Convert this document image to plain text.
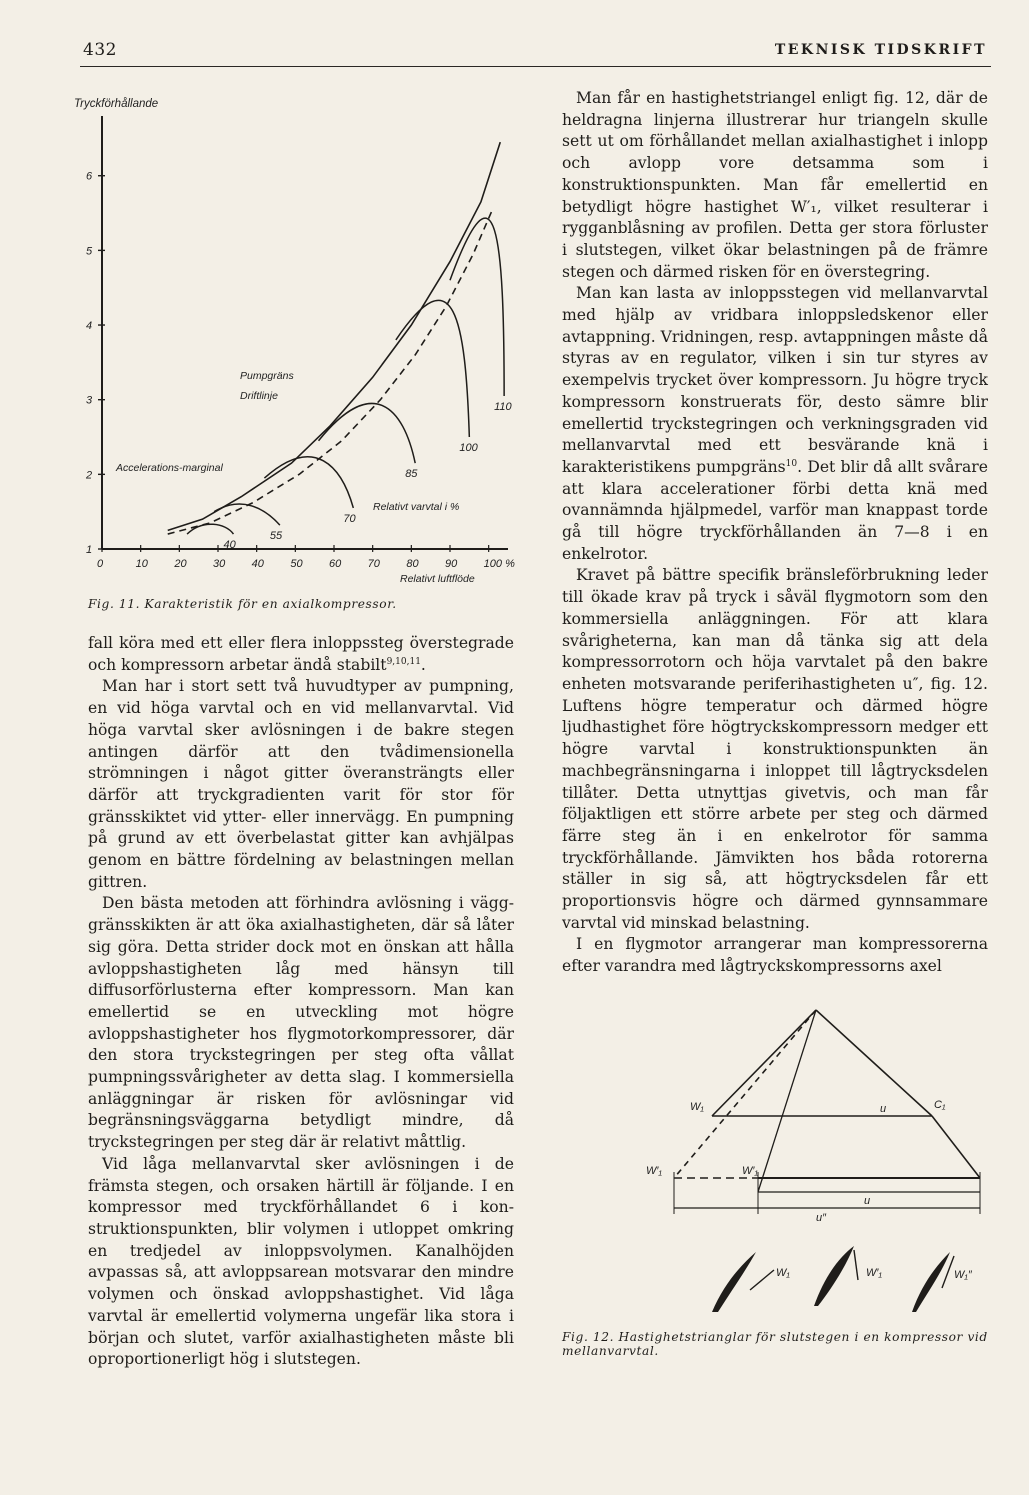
432	TEKNISK TIDSKRIFT
Tryckförhållande
1
2
3
4
5
6
0	10 20 30 40 50 60 70 80 90 100 %
40
55
70
85
100
110
Pumpgräns
Driftlinje
Accelerations-marginal
Relativt varvtal i %
Relativt luftflöde

Fig. 11. Karakteristik för en axialkompressor.

fall köra med ett eller flera inloppssteg överstegrade och kompressorn arbetar ändå stabilt$^{9,10,11}$.

Man har i stort sett två huvudtyper av pumpning, en vid höga varvtal och en vid mellanvarvtal. Vid höga varvtal sker avlösningen i de bakre stegen antingen därför att den tvådimensionella strömningen i något gitter överansträngts eller därför att tryckgradienten varit för stor för gränsskiktet vid ytter- eller innervägg. En pumpning på grund av ett överbelastat gitter kan avhjälpas genom en bättre fördelning av belastningen mellan gittren.

Den bästa metoden att förhindra avlösning i vägg-gränsskikten är att öka axialhastigheten, där så låter sig göra. Detta strider dock mot en önskan att hålla avloppshastigheten låg med hänsyn till diffusorförlusterna efter kompressorn. Man kan emellertid se en utveckling mot högre avloppshastigheter hos flygmotorkompressorer, där den stora tryckstegringen per steg ofta vållat pumpningssvårigheter av detta slag. I kommersiella anläggningar är risken för avlösningar vid begränsningsväggarna betydligt mindre, då tryckstegringen per steg där är relativt måttlig.

Vid låga mellanvarvtal sker avlösningen i de främsta stegen, och orsaken härtill är följande. I en kompressor med tryckförhållandet 6 i konstruktionspunkten, blir volymen i utloppet omkring en tredjedel av inloppsvolymen. Kanalhöjden avpassas så, att avloppsarean motsvarar den mindre volymen och önskad avloppshastighet. Vid låga varvtal är emellertid volymerna ungefär lika stora i början och slutet, varför axialhastigheten måste bli oproportionerligt hög i slutstegen.

Man får en hastighetstriangel enligt fig. 12, där de heldragna linjerna illustrerar hur triangeln skulle sett ut om förhållandet mellan axialhastighet i inlopp och avlopp vore detsamma som i konstruktionspunkten. Man får emellertid en betydligt högre hastighet W′₁, vilket resulterar i rygganblåsning av profilen. Detta ger stora förluster i slutstegen, vilket ökar belastningen på de främre stegen och därmed risken för en överstegring.

Man kan lasta av inloppsstegen vid mellanvarvtal med hjälp av vridbara inloppsledskenor eller avtappning. Vridningen, resp. avtappningen måste då styras av en regulator, vilken i sin tur styres av exempelvis trycket över kompressorn. Ju högre tryck kompressorn konstruerats för, desto sämre blir emellertid tryckstegringen och verkningsgraden vid mellanvarvtal med ett besvärande knä i karakteristikens pumpgräns$^{10}$. Det blir då allt svårare att klara accelerationer förbi detta knä med ovannämnda hjälpmedel, varför man knappast torde gå till högre tryckförhållanden än 7—8 i en enkelrotor.

Kravet på bättre specifik bränsleförbrukning leder till ökade krav på tryck i såväl flygmotorn som den kommersiella anläggningen. För att klara svårigheterna, kan man då tänka sig att dela kompressorrotorn och höja varvtalet på den bakre enheten motsvarande periferihastigheten u″, fig. 12. Luftens högre temperatur och därmed högre ljudhastighet före högtryckskompressorn medger ett högre varvtal i konstruktionspunkten än machbegränsningarna i inloppet till lågtrycksdelen tillåter. Detta utnyttjas givetvis, och man får följaktligen ett större arbete per steg och därmed färre steg än i en enkelrotor för samma tryckförhållande. Jämvikten hos båda rotorerna ställer in sig så, att högtrycksdelen får ett proportionsvis högre och därmed gynnsammare varvtal vid minskad belastning.

I en flygmotor arrangerar man kompressorerna efter varandra med lågtryckskompressorns axel

W₁	C₁
u
W′₁	W′₁
u
u″
W₁	W′₁	W₁″

Fig. 12. Hastighetstrianglar för slutstegen i en kompressor vid mellanvarvtal.
